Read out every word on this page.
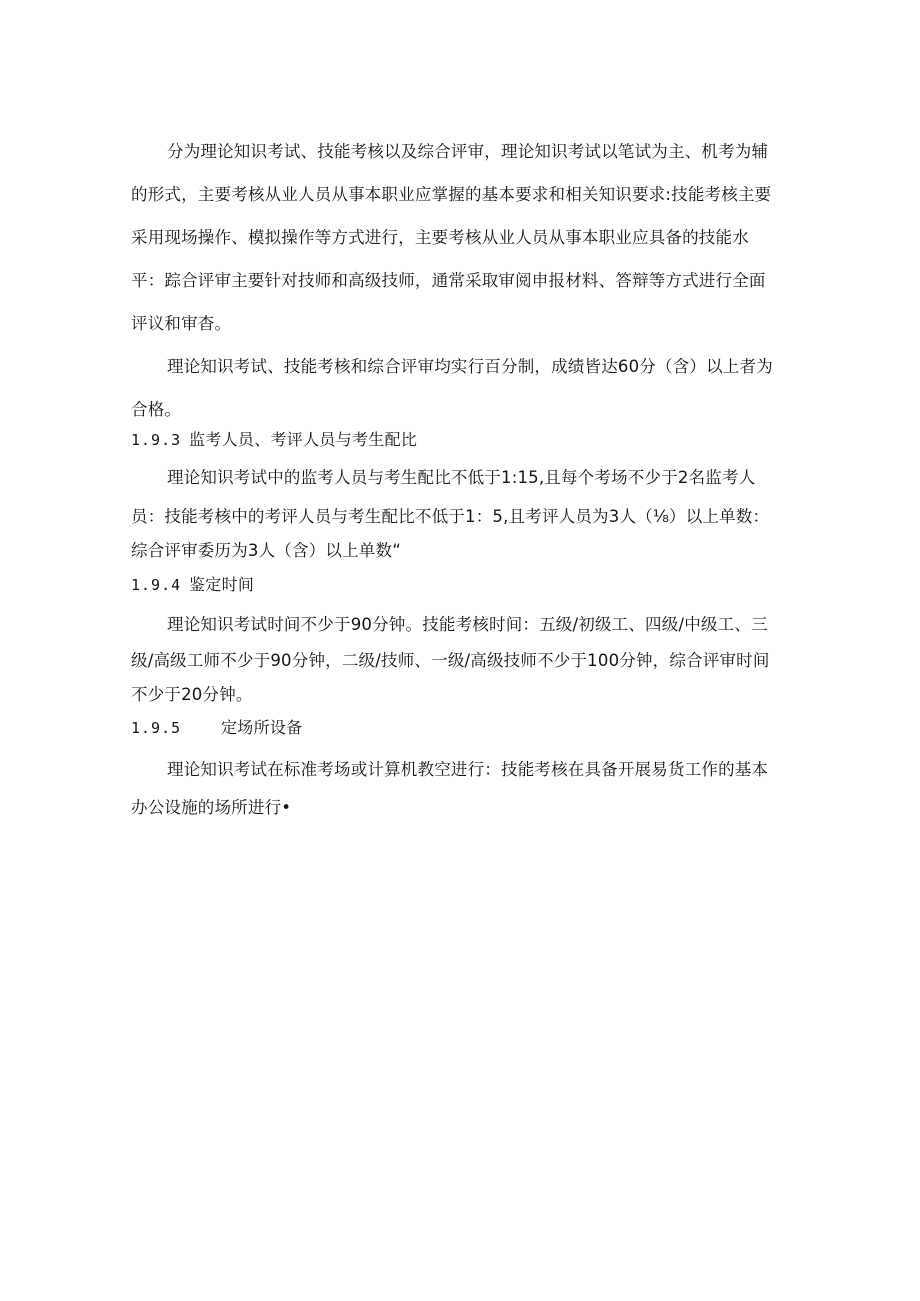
分为理论知识考试、技能考核以及综合评审，理论知识考试以笔试为主、机考为辅
的形式，主要考核从业人员从事本职业应掌握的基本要求和相关知识要求:技能考核主要
采用现场操作、模拟操作等方式进行，主要考核从业人员从事本职业应具备的技能水
平：踪合评审主要针对技师和高级技师，通常采取审阅申报材料、答辩等方式进行全面
评议和审杳。
理论知识考试、技能考核和综合评审均实行百分制，成绩皆达60分（含）以上者为
合格。
1.9.3 监考人员、考评人员与考生配比
理论知识考试中的监考人员与考生配比不低于1:15,且每个考场不少于2名监考人
员：技能考核中的考评人员与考生配比不低于1：5,且考评人员为3人（⅛）以上单数：
综合评审委历为3人（含）以上单数“
1.9.4 鉴定时间
理论知识考试时间不少于90分钟。技能考核时间：五级/初级工、四级/中级工、三
级/高级工师不少于90分钟，二级/技师、一级/高级技师不少于100分钟，综合评审时间
不少于20分钟。
1.9.5 定场所设备
理论知识考试在标准考场或计算机教空进行：技能考核在具备开展易货工作的基本
办公设施的场所进行•
